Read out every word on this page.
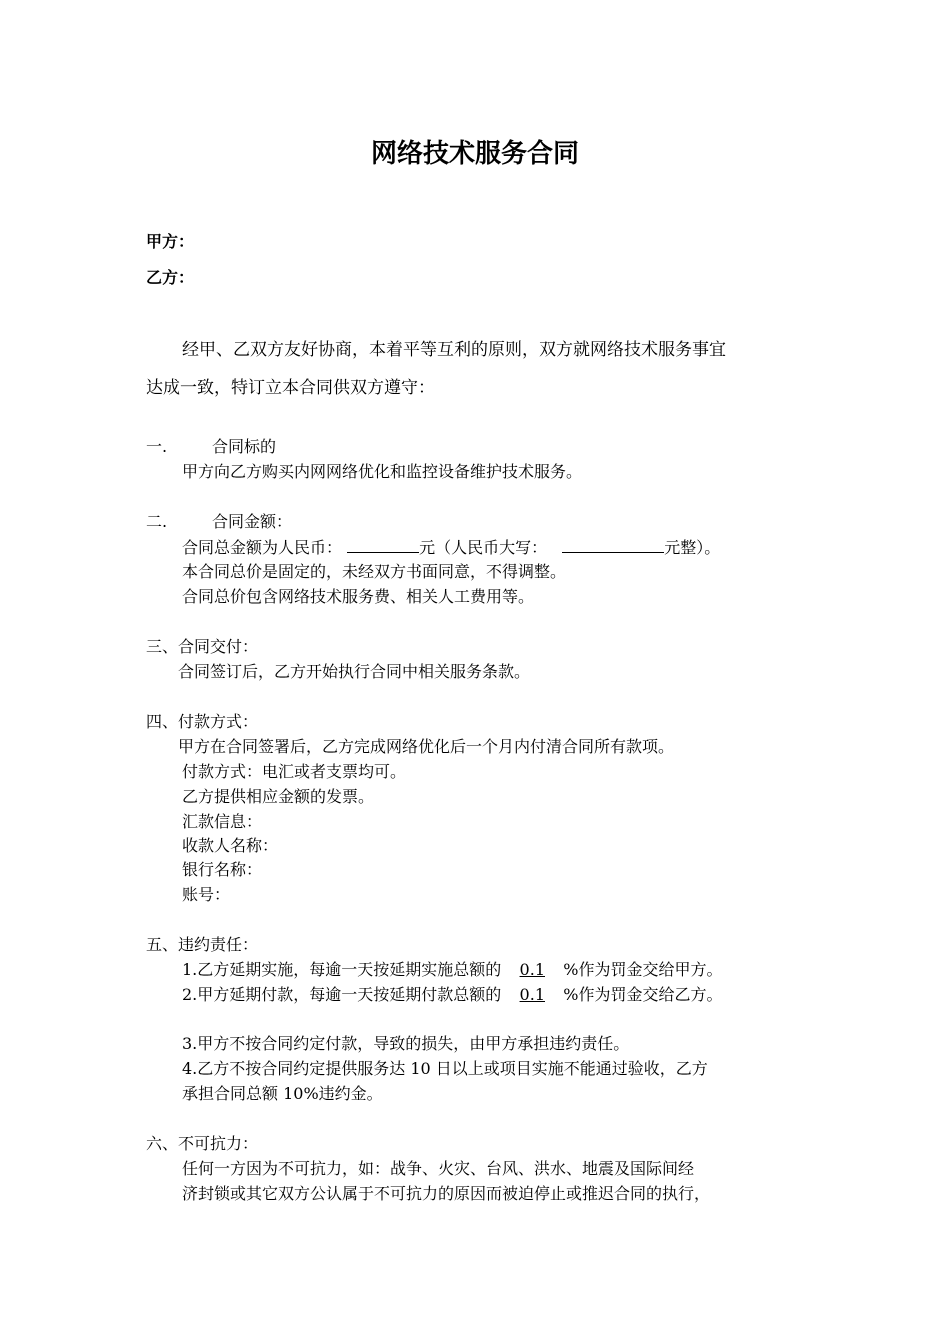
网络技术服务合同
甲方：
乙方：
经甲、乙双方友好协商，本着平等互利的原则，双方就网络技术服务事宜
达成一致，特订立本合同供双方遵守：
一.	合同标的
甲方向乙方购买内网网络优化和监控设备维护技术服务。
二.	合同金额：
合同总金额为人民币：	元（人民币大写：	元整）。
本合同总价是固定的，未经双方书面同意，不得调整。
合同总价包含网络技术服务费、相关人工费用等。
三、合同交付：
合同签订后，乙方开始执行合同中相关服务条款。
四、付款方式：
甲方在合同签署后，乙方完成网络优化后一个月内付清合同所有款项。
付款方式：电汇或者支票均可。
乙方提供相应金额的发票。
汇款信息：
收款人名称：
银行名称：
账号：
五、违约责任：
1.乙方延期实施，每逾一天按延期实施总额的 0.1 %作为罚金交给甲方。
2.甲方延期付款，每逾一天按延期付款总额的 0.1 %作为罚金交给乙方。
3.甲方不按合同约定付款，导致的损失，由甲方承担违约责任。
4.乙方不按合同约定提供服务达 10 日以上或项目实施不能通过验收，乙方
承担合同总额 10%违约金。
六、不可抗力：
任何一方因为不可抗力，如：战争、火灾、台风、洪水、地震及国际间经
济封锁或其它双方公认属于不可抗力的原因而被迫停止或推迟合同的执行，
